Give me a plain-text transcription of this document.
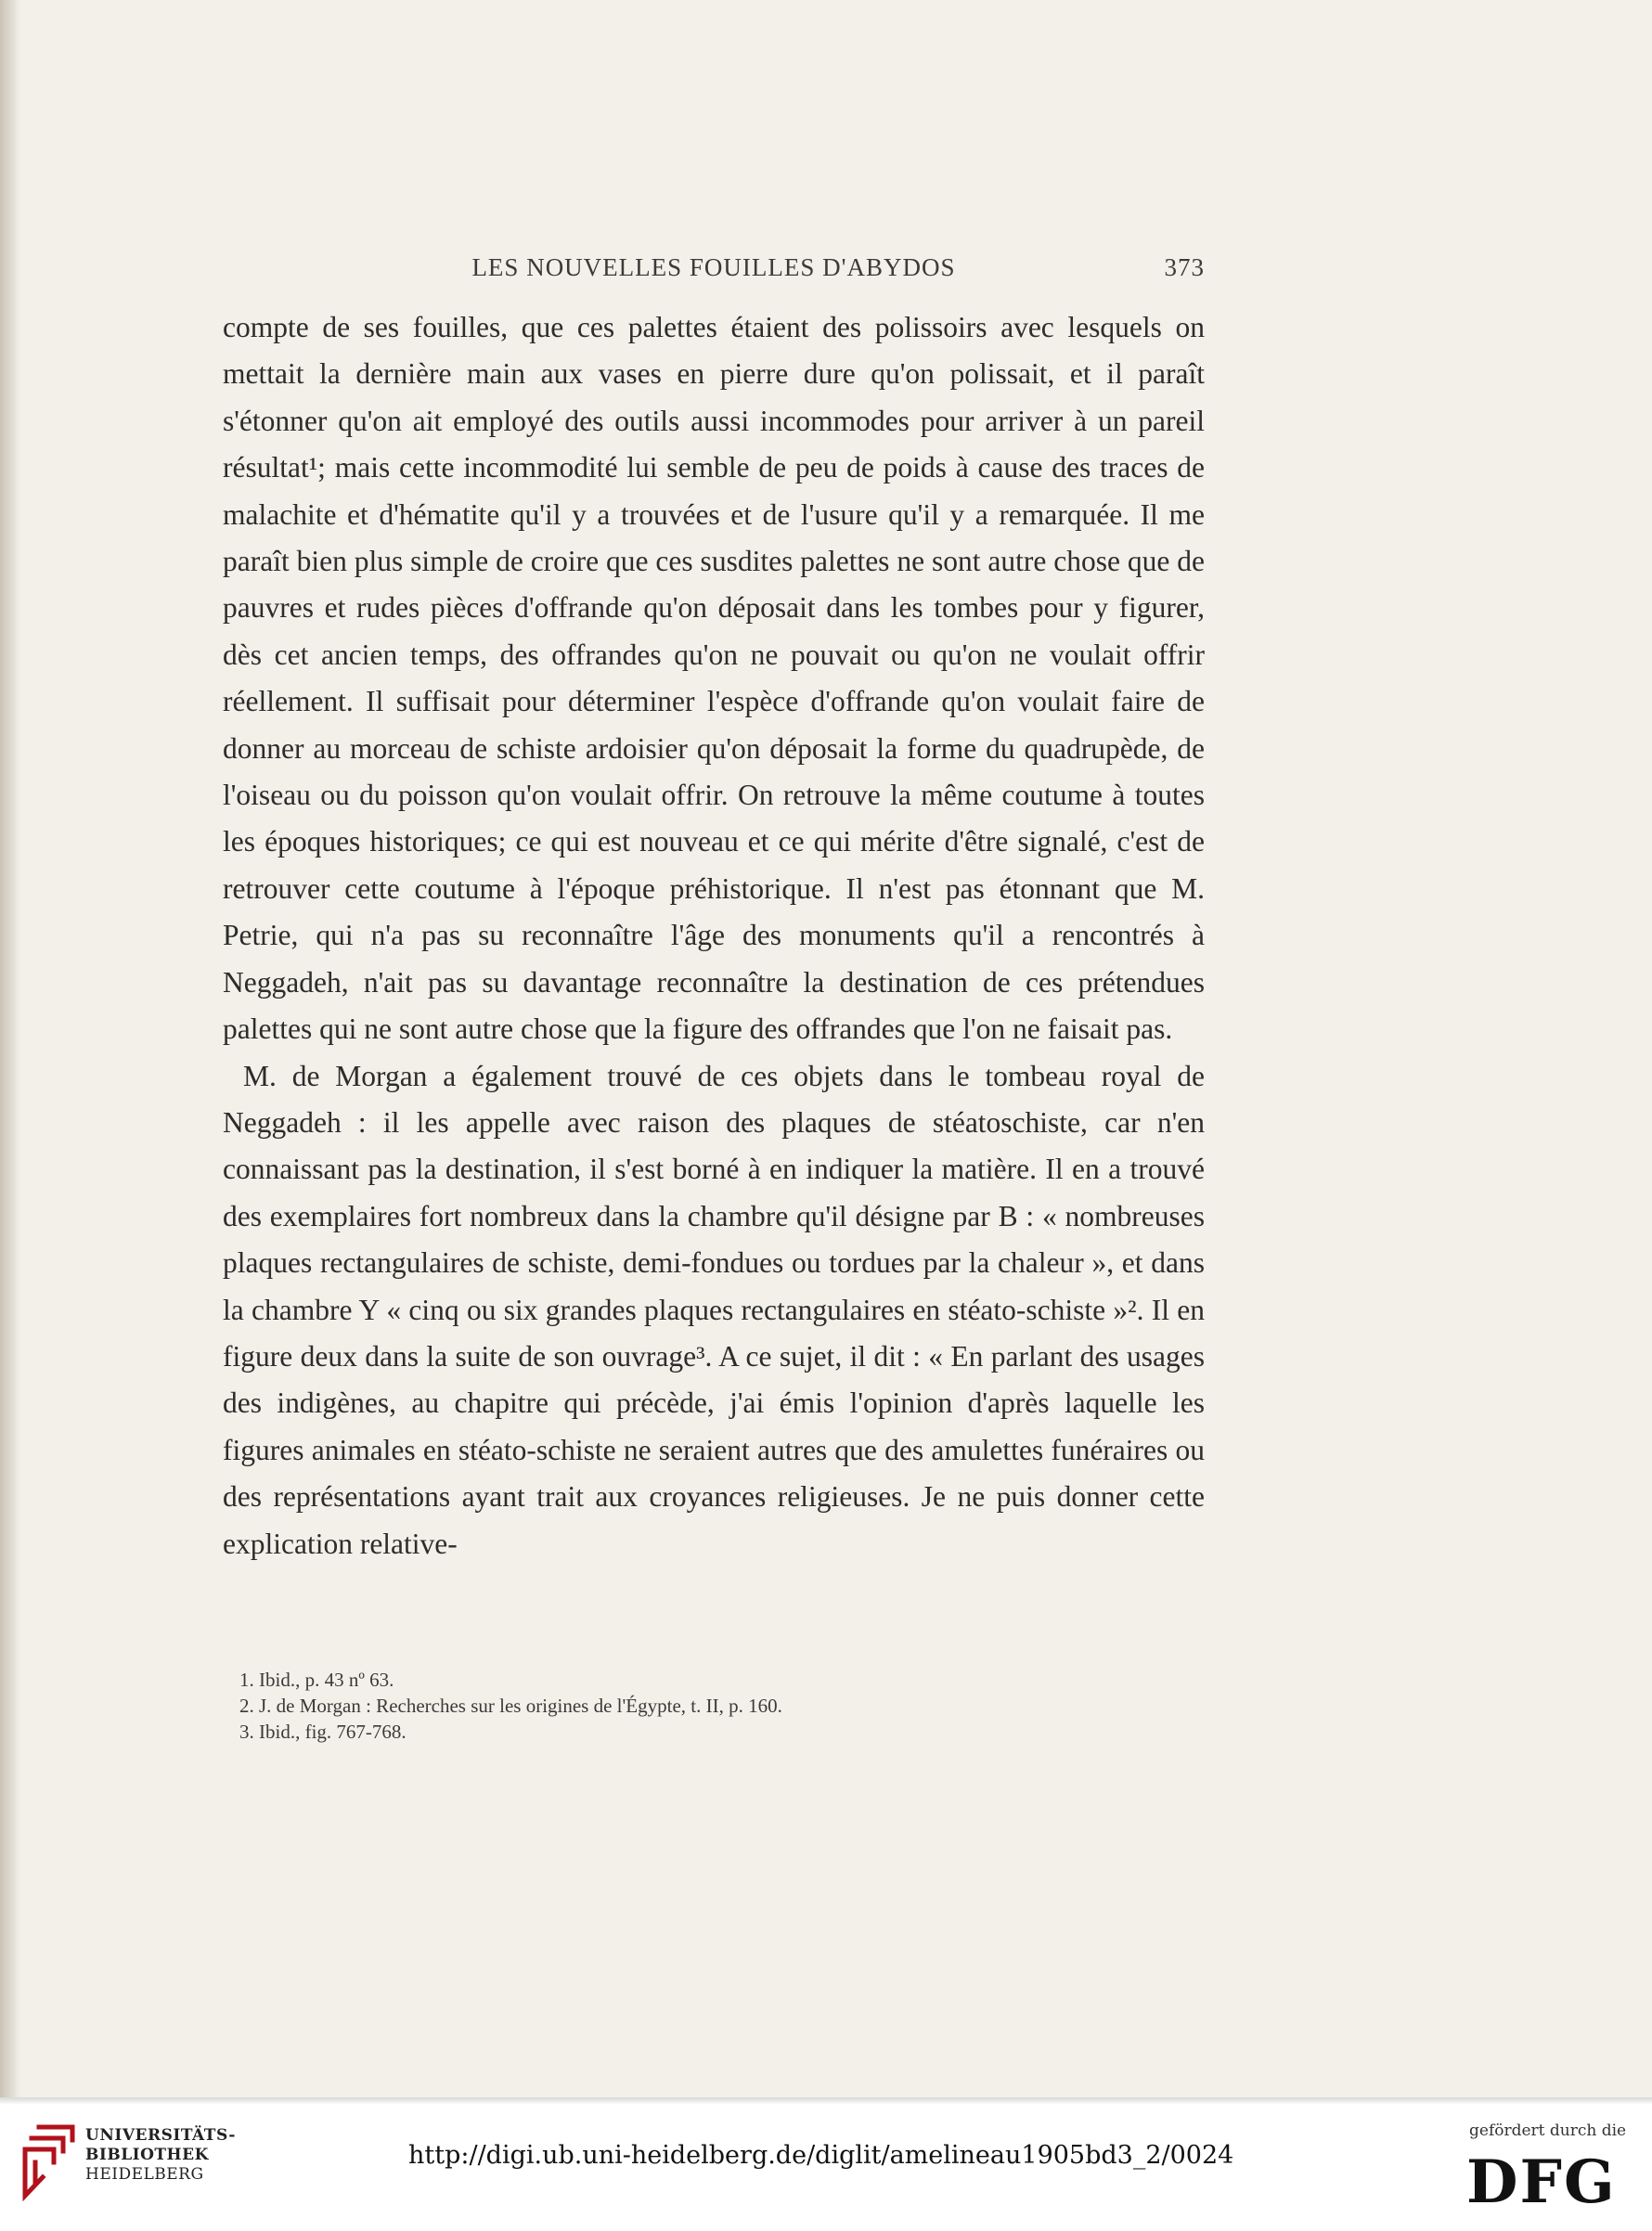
LES NOUVELLES FOUILLES D'ABYDOS	373

compte de ses fouilles, que ces palettes étaient des polissoirs avec lesquels on mettait la dernière main aux vases en pierre dure qu'on polissait, et il paraît s'étonner qu'on ait employé des outils aussi incommodes pour arriver à un pareil résultat¹; mais cette incommodité lui semble de peu de poids à cause des traces de malachite et d'hématite qu'il y a trouvées et de l'usure qu'il y a remarquée. Il me paraît bien plus simple de croire que ces susdites palettes ne sont autre chose que de pauvres et rudes pièces d'offrande qu'on déposait dans les tombes pour y figurer, dès cet ancien temps, des offrandes qu'on ne pouvait ou qu'on ne voulait offrir réellement. Il suffisait pour déterminer l'espèce d'offrande qu'on voulait faire de donner au morceau de schiste ardoisier qu'on déposait la forme du quadrupède, de l'oiseau ou du poisson qu'on voulait offrir. On retrouve la même coutume à toutes les époques historiques; ce qui est nouveau et ce qui mérite d'être signalé, c'est de retrouver cette coutume à l'époque préhistorique. Il n'est pas étonnant que M. Petrie, qui n'a pas su reconnaître l'âge des monuments qu'il a rencontrés à Neggadeh, n'ait pas su davantage reconnaître la destination de ces prétendues palettes qui ne sont autre chose que la figure des offrandes que l'on ne faisait pas.

M. de Morgan a également trouvé de ces objets dans le tombeau royal de Neggadeh : il les appelle avec raison des plaques de stéatoschiste, car n'en connaissant pas la destination, il s'est borné à en indiquer la matière. Il en a trouvé des exemplaires fort nombreux dans la chambre qu'il désigne par B : « nombreuses plaques rectangulaires de schiste, demi-fondues ou tordues par la chaleur », et dans la chambre Y « cinq ou six grandes plaques rectangulaires en stéato-schiste »². Il en figure deux dans la suite de son ouvrage³. A ce sujet, il dit : « En parlant des usages des indigènes, au chapitre qui précède, j'ai émis l'opinion d'après laquelle les figures animales en stéato-schiste ne seraient autres que des amulettes funéraires ou des représentations ayant trait aux croyances religieuses. Je ne puis donner cette explication relative-

1. Ibid., p. 43 nº 63.
2. J. de Morgan : Recherches sur les origines de l'Égypte, t. II, p. 160.
3. Ibid., fig. 767-768.
UNIVERSITÄTS-
BIBLIOTHEK
HEIDELBERG
http://digi.ub.uni-heidelberg.de/diglit/amelineau1905bd3_2/0024
gefördert durch die
DFG
